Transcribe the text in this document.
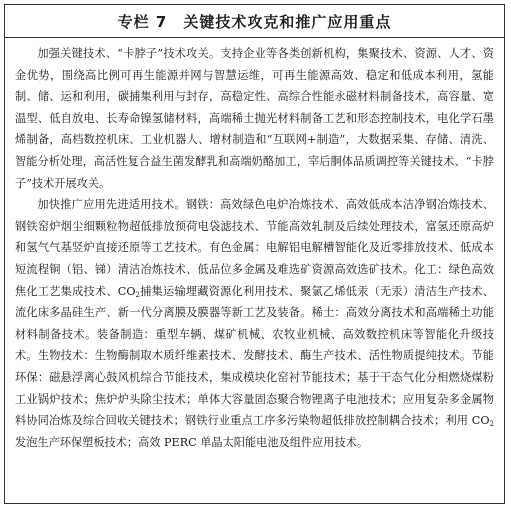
专栏 7 关键技术攻克和推广应用重点

加强关键技术、“卡脖子”技术攻关。支持企业等各类创新机构，集聚技术、资源、人才、资金优势，围绕高比例可再生能源并网与智慧运维，可再生能源高效、稳定和低成本利用，氢能制、储、运和利用，碳捕集利用与封存，高稳定性、高综合性能永磁材料制备技术，高容量、宽温型、低自放电、长寿命镍氢储材料，高端稀土抛光材料制备工艺和形态控制技术，电化学石墨烯制备，高档数控机床、工业机器人、增材制造和“互联网+制造”，大数据采集、存储、清洗、智能分析处理，高活性复合益生菌发酵乳和高端奶酪加工，宰后胴体品质调控等关键技术、“卡脖子”技术开展攻关。

加快推广应用先进适用技术。钢铁：高效绿色电炉冶炼技术、高效低成本洁净钢冶炼技术、钢铁窑炉烟尘细颗粒物超低排放预荷电袋滤技术、节能高效轧制及后续处理技术，富氢还原高炉和氢气气基竖炉直接还原等工艺技术。有色金属：电解铝电解槽智能化及近零排放技术、低成本短流程铜（铝、锑）清洁冶炼技术、低品位多金属及难选矿资源高效选矿技术。化工：绿色高效焦化工艺集成技术、$CO_2$捕集运输埋藏资源化利用技术、聚氯乙烯低汞（无汞）清洁生产技术、流化床多晶硅生产、新一代分离膜及膜器等新工艺及装备。稀土：高效分离技术和高端稀土功能材料制备技术。装备制造：重型车辆、煤矿机械、农牧业机械、高效数控机床等智能化升级技术。生物技术：生物酶制取木质纤维素技术、发酵技术、酶生产技术、活性物质提纯技术。节能环保：磁悬浮离心鼓风机综合节能技术，集成模块化窑衬节能技术；基于干态气化分相燃烧煤粉工业锅炉技术；焦炉炉头除尘技术；单体大容量固态聚合物锂离子电池技术；应用复杂多金属物料协同冶炼及综合回收关键技术；钢铁行业重点工序多污染物超低排放控制耦合技术；利用 $CO_2$发泡生产环保塑板技术；高效 PERC 单晶太阳能电池及组件应用技术。
